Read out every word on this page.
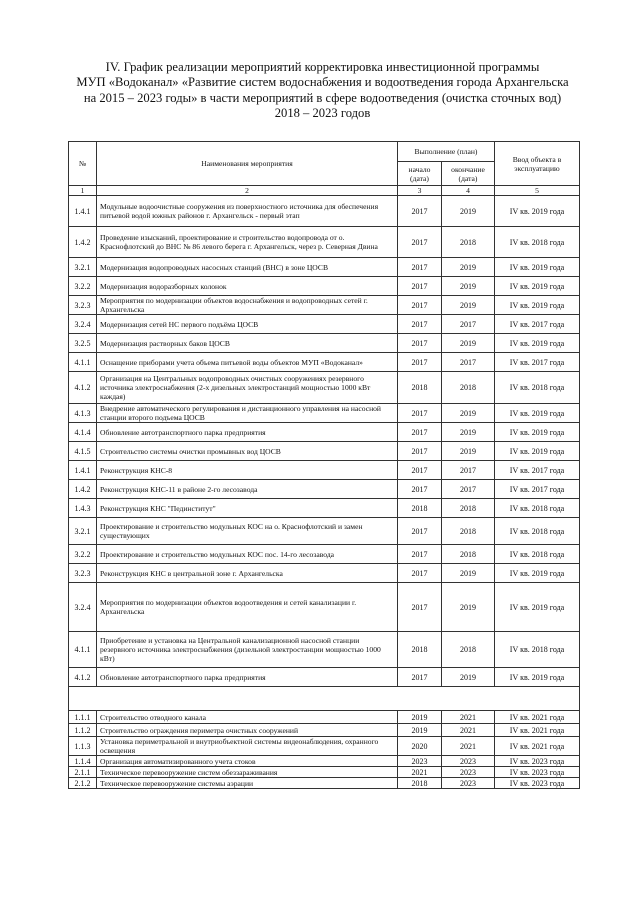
IV. График реализации мероприятий корректировка инвестиционной программы
МУП «Водоканал» «Развитие систем водоснабжения и водоотведения города Архангельска
на 2015 – 2023 годы» в части мероприятий в сфере водоотведения (очистка сточных вод)
2018 – 2023 годов
№	Наименования мероприятия	Выполнение (план)		Ввод объекта в эксплуатацию
		начало (дата)	окончание (дата)	
1	2	3	4	5
1.4.1	Модульные водоочистные сооружения из поверхностного источника для обеспечения питьевой водой южных районов г. Архангельск - первый этап	2017	2019	IV кв. 2019 года
1.4.2	Проведение изысканий, проектирование и строительство водопровода от о. Краснофлотский до ВНС № 86 левого берега г. Архангельск, через р. Северная Двина	2017	2018	IV кв. 2018 года
3.2.1	Модернизация водопроводных насосных станций (ВНС) в зоне ЦОСВ	2017	2019	IV кв. 2019 года
3.2.2	Модернизация водоразборных колонок	2017	2019	IV кв. 2019 года
3.2.3	Мероприятия по модернизации объектов водоснабжения и водопроводных сетей г. Архангельска	2017	2019	IV кв. 2019 года
3.2.4	Модернизация сетей НС первого подъёма ЦОСВ	2017	2017	IV кв. 2017 года
3.2.5	Модернизация растворных баков ЦОСВ	2017	2019	IV кв. 2019 года
4.1.1	Оснащение приборами учета объема питьевой воды объектов МУП «Водоканал»	2017	2017	IV кв. 2017 года
4.1.2	Организация на Центральных водопроводных очистных сооружениях резервного источника электроснабжения (2-х дизельных электростанций мощностью 1000 кВт каждая)	2018	2018	IV кв. 2018 года
4.1.3	Внедрение автоматического регулирования и дистанционного управления на насосной станции второго подъема ЦОСВ	2017	2019	IV кв. 2019 года
4.1.4	Обновление автотранспортного парка предприятия	2017	2019	IV кв. 2019 года
4.1.5	Строительство системы очистки промывных вод ЦОСВ	2017	2019	IV кв. 2019 года
1.4.1	Реконструкция КНС-8	2017	2017	IV кв. 2017 года
1.4.2	Реконструкция КНС-11 в районе 2-го лесозавода	2017	2017	IV кв. 2017 года
1.4.3	Реконструкция КНС "Пединститут"	2018	2018	IV кв. 2018 года
3.2.1	Проектирование и строительство модульных КОС на о. Краснофлотский и замен существующих	2017	2018	IV кв. 2018 года
3.2.2	Проектирование и строительство модульных КОС пос. 14-го лесозавода	2017	2018	IV кв. 2018 года
3.2.3	Реконструкция КНС в центральной зоне г. Архангельска	2017	2019	IV кв. 2019 года
3.2.4	Мероприятия по модернизации объектов водоотведения и сетей канализации г. Архангельска	2017	2019	IV кв. 2019 года
4.1.1	Приобретение и установка на Центральной канализационной насосной станции резервного источника электроснабжения (дизельной электростанции мощностью 1000 кВт)	2018	2018	IV кв. 2018 года
4.1.2	Обновление автотранспортного парка предприятия	2017	2019	IV кв. 2019 года

1.1.1	Строительство отводного канала	2019	2021	IV кв. 2021 года
1.1.2	Строительство ограждения периметра очистных сооружений	2019	2021	IV кв. 2021 года
1.1.3	Установка периметральной и внутриобъектной системы видеонаблюдения, охранного освещения	2020	2021	IV кв. 2021 года
1.1.4	Организация автоматизированного учета стоков	2023	2023	IV кв. 2023 года
2.1.1	Техническое перевооружение систем обеззараживания	2021	2023	IV кв. 2023 года
2.1.2	Техническое перевооружение системы аэрации	2018	2023	IV кв. 2023 года
